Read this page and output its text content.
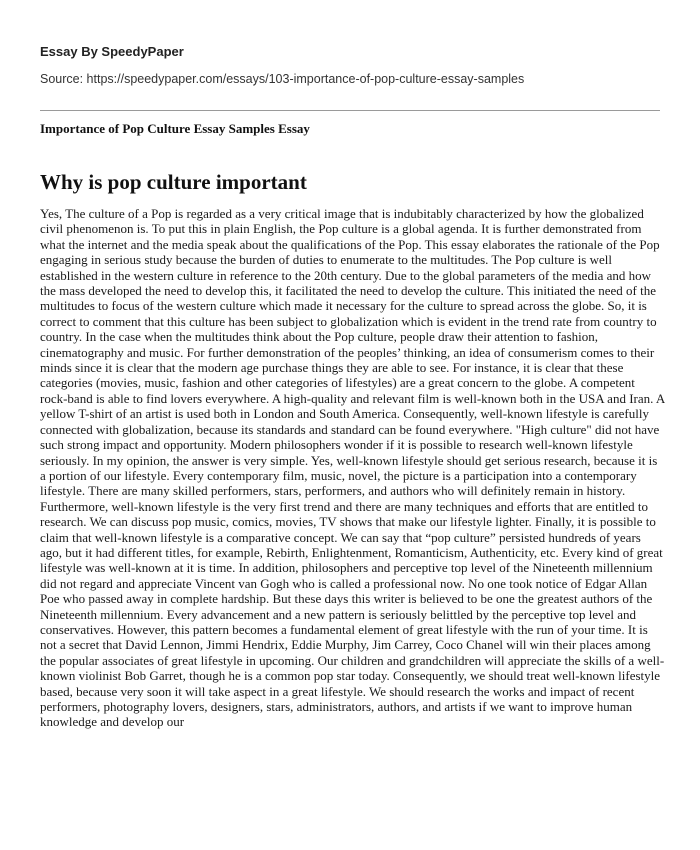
Essay By SpeedyPaper
Source: https://speedypaper.com/essays/103-importance-of-pop-culture-essay-samples
Importance of Pop Culture Essay Samples Essay
Why is pop culture important

Yes, The culture of a Pop is regarded as a very critical image that is indubitably characterized by how the globalized civil phenomenon is. To put this in plain English, the Pop culture is a global agenda. It is further demonstrated from what the internet and the media speak about the qualifications of the Pop. This essay elaborates the rationale of the Pop engaging in serious study because the burden of duties to enumerate to the multitudes. The Pop culture is well established in the western culture in reference to the 20th century. Due to the global parameters of the media and how the mass developed the need to develop this, it facilitated the need to develop the culture. This initiated the need of the multitudes to focus of the western culture which made it necessary for the culture to spread across the globe. So, it is correct to comment that this culture has been subject to globalization which is evident in the trend rate from country to country. In the case when the multitudes think about the Pop culture, people draw their attention to fashion, cinematography and music. For further demonstration of the peoples’ thinking, an idea of consumerism comes to their minds since it is clear that the modern age purchase things they are able to see. For instance, it is clear that these categories (movies, music, fashion and other categories of lifestyles) are a great concern to the globe. A competent rock-band is able to find lovers everywhere. A high-quality and relevant film is well-known both in the USA and Iran. A yellow T-shirt of an artist is used both in London and South America. Consequently, well-known lifestyle is carefully connected with globalization, because its standards and standard can be found everywhere. "High culture" did not have such strong impact and opportunity. Modern philosophers wonder if it is possible to research well-known lifestyle seriously. In my opinion, the answer is very simple. Yes, well-known lifestyle should get serious research, because it is a portion of our lifestyle. Every contemporary film, music, novel, the picture is a participation into a contemporary lifestyle. There are many skilled performers, stars, performers, and authors who will definitely remain in history. Furthermore, well-known lifestyle is the very first trend and there are many techniques and efforts that are entitled to research. We can discuss pop music, comics, movies, TV shows that make our lifestyle lighter. Finally, it is possible to claim that well-known lifestyle is a comparative concept. We can say that “pop culture” persisted hundreds of years ago, but it had different titles, for example, Rebirth, Enlightenment, Romanticism, Authenticity, etc. Every kind of great lifestyle was well-known at it is time. In addition, philosophers and perceptive top level of the Nineteenth millennium did not regard and appreciate Vincent van Gogh who is called a professional now. No one took notice of Edgar Allan Poe who passed away in complete hardship. But these days this writer is believed to be one the greatest authors of the Nineteenth millennium. Every advancement and a new pattern is seriously belittled by the perceptive top level and conservatives. However, this pattern becomes a fundamental element of great lifestyle with the run of your time. It is not a secret that David Lennon, Jimmi Hendrix, Eddie Murphy, Jim Carrey, Coco Chanel will win their places among the popular associates of great lifestyle in upcoming. Our children and grandchildren will appreciate the skills of a well-known violinist Bob Garret, though he is a common pop star today. Consequently, we should treat well-known lifestyle based, because very soon it will take aspect in a great lifestyle. We should research the works and impact of recent performers, photography lovers, designers, stars, administrators, authors, and artists if we want to improve human knowledge and develop our
